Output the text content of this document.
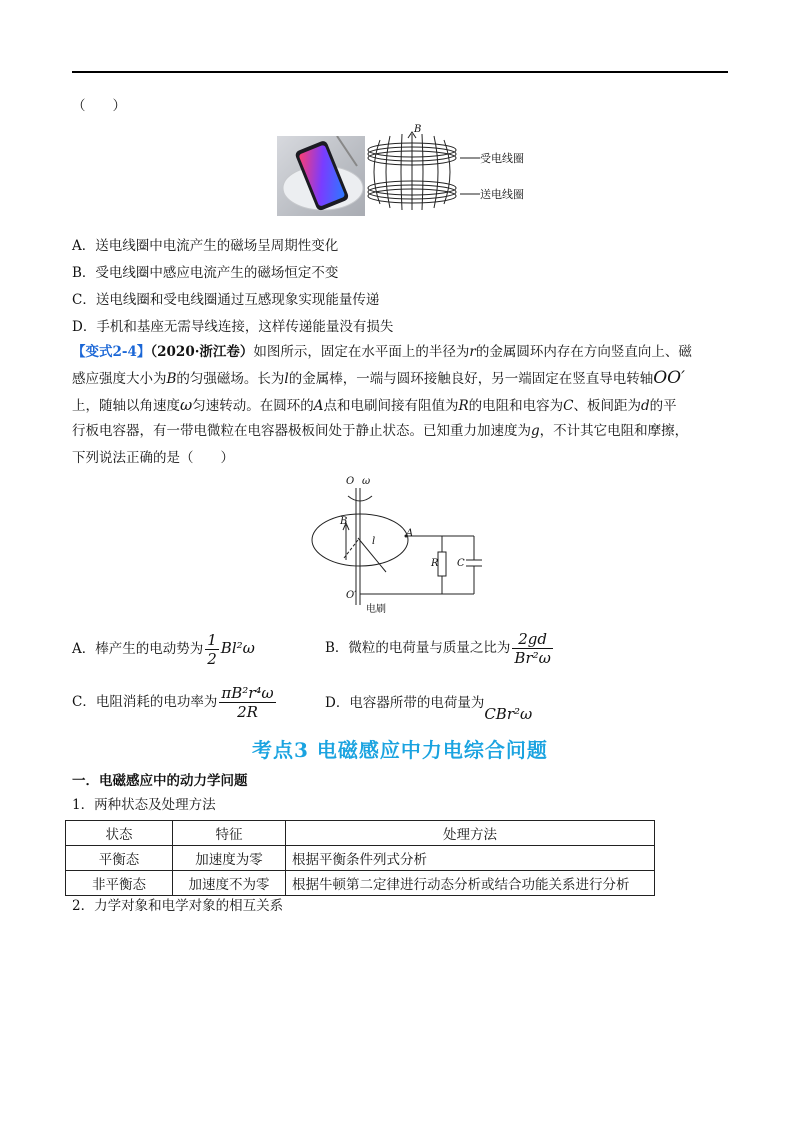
（　　）
B
受电线圈
送电线圈
A．送电线圈中电流产生的磁场呈周期性变化
B．受电线圈中感应电流产生的磁场恒定不变
C．送电线圈和受电线圈通过互感现象实现能量传递
D．手机和基座无需导线连接，这样传递能量没有损失
【变式2-4】（2020·浙江卷）如图所示，固定在水平面上的半径为r的金属圆环内存在方向竖直向上、磁
感应强度大小为B的匀强磁场。长为l的金属棒，一端与圆环接触良好，另一端固定在竖直导电转轴OO′
上，随轴以角速度ω匀速转动。在圆环的A点和电刷间接有阻值为R的电阻和电容为C、板间距为d的平
行板电容器，有一带电微粒在电容器极板间处于静止状态。已知重力加速度为g，不计其它电阻和摩擦，
下列说法正确的是（　　）
O ω
B
l
A
R C
O′
电刷
A．棒产生的电动势为 $\frac{1}{2} Bl^2\omega$	B．微粒的电荷量与质量之比为 $\frac{2gd}{\text{Br²ω}}$
C．电阻消耗的电功率为 $\frac{\text{πB²r⁴ω}}{2R}$	D．电容器所带的电荷量为CBr²ω
考点3 电磁感应中力电综合问题
一．电磁感应中的动力学问题
1．两种状态及处理方法
状态	特征	处理方法
平衡态	加速度为零	根据平衡条件列式分析
非平衡态	加速度不为零	根据牛顿第二定律进行动态分析或结合功能关系进行分析
2．力学对象和电学对象的相互关系
